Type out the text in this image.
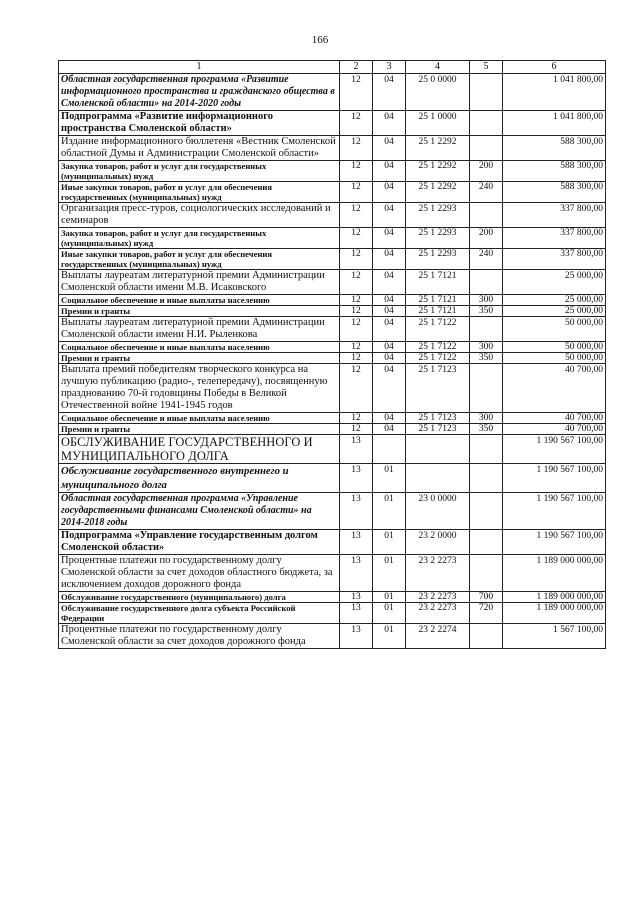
166
1	2	3	4	5	6
Областная государственная программа «Развитие информационного пространства и гражданского общества в Смоленской области» на 2014-2020 годы	12	04	25 0 0000		1 041 800,00
Подпрограмма «Развитие информационного пространства Смоленской области»	12	04	25 1 0000		1 041 800,00
Издание информационного бюллетеня «Вестник Смоленской областной Думы и Администрации Смоленской области»	12	04	25 1 2292		588 300,00
Закупка товаров, работ и услуг для государственных (муниципальных) нужд	12	04	25 1 2292	200	588 300,00
Иные закупки товаров, работ и услуг для обеспечения государственных (муниципальных) нужд	12	04	25 1 2292	240	588 300,00
Организация пресс-туров, социологических исследований и семинаров	12	04	25 1 2293		337 800,00
Закупка товаров, работ и услуг для государственных (муниципальных) нужд	12	04	25 1 2293	200	337 800,00
Иные закупки товаров, работ и услуг для обеспечения государственных (муниципальных) нужд	12	04	25 1 2293	240	337 800,00
Выплаты лауреатам литературной премии Администрации Смоленской области имени М.В. Исаковского	12	04	25 1 7121		25 000,00
Социальное обеспечение и иные выплаты населению	12	04	25 1 7121	300	25 000,00
Премии и гранты	12	04	25 1 7121	350	25 000,00
Выплаты лауреатам литературной премии Администрации Смоленской области имени Н.И. Рыленкова	12	04	25 1 7122		50 000,00
Социальное обеспечение и иные выплаты населению	12	04	25 1 7122	300	50 000,00
Премии и гранты	12	04	25 1 7122	350	50 000,00
Выплата премий победителям творческого конкурса на лучшую публикацию (радио-, телепередачу), посвященную празднованию 70-й годовщины Победы в Великой Отечественной войне 1941-1945 годов	12	04	25 1 7123		40 700,00
Социальное обеспечение и иные выплаты населению	12	04	25 1 7123	300	40 700,00
Премии и гранты	12	04	25 1 7123	350	40 700,00
ОБСЛУЖИВАНИЕ ГОСУДАРСТВЕННОГО И МУНИЦИПАЛЬНОГО ДОЛГА	13				1 190 567 100,00
Обслуживание государственного внутреннего и муниципального долга	13	01			1 190 567 100,00
Областная государственная программа «Управление государственными финансами Смоленской области» на 2014-2018 годы	13	01	23 0 0000		1 190 567 100,00
Подпрограмма «Управление государственным долгом Смоленской области»	13	01	23 2 0000		1 190 567 100,00
Процентные платежи по государственному долгу Смоленской области за счет доходов областного бюджета, за исключением доходов дорожного фонда	13	01	23 2 2273		1 189 000 000,00
Обслуживание государственного (муниципального) долга	13	01	23 2 2273	700	1 189 000 000,00
Обслуживание государственного долга субъекта Российской Федерации	13	01	23 2 2273	720	1 189 000 000,00
Процентные платежи по государственному долгу Смоленской области за счет доходов дорожного фонда	13	01	23 2 2274		1 567 100,00
